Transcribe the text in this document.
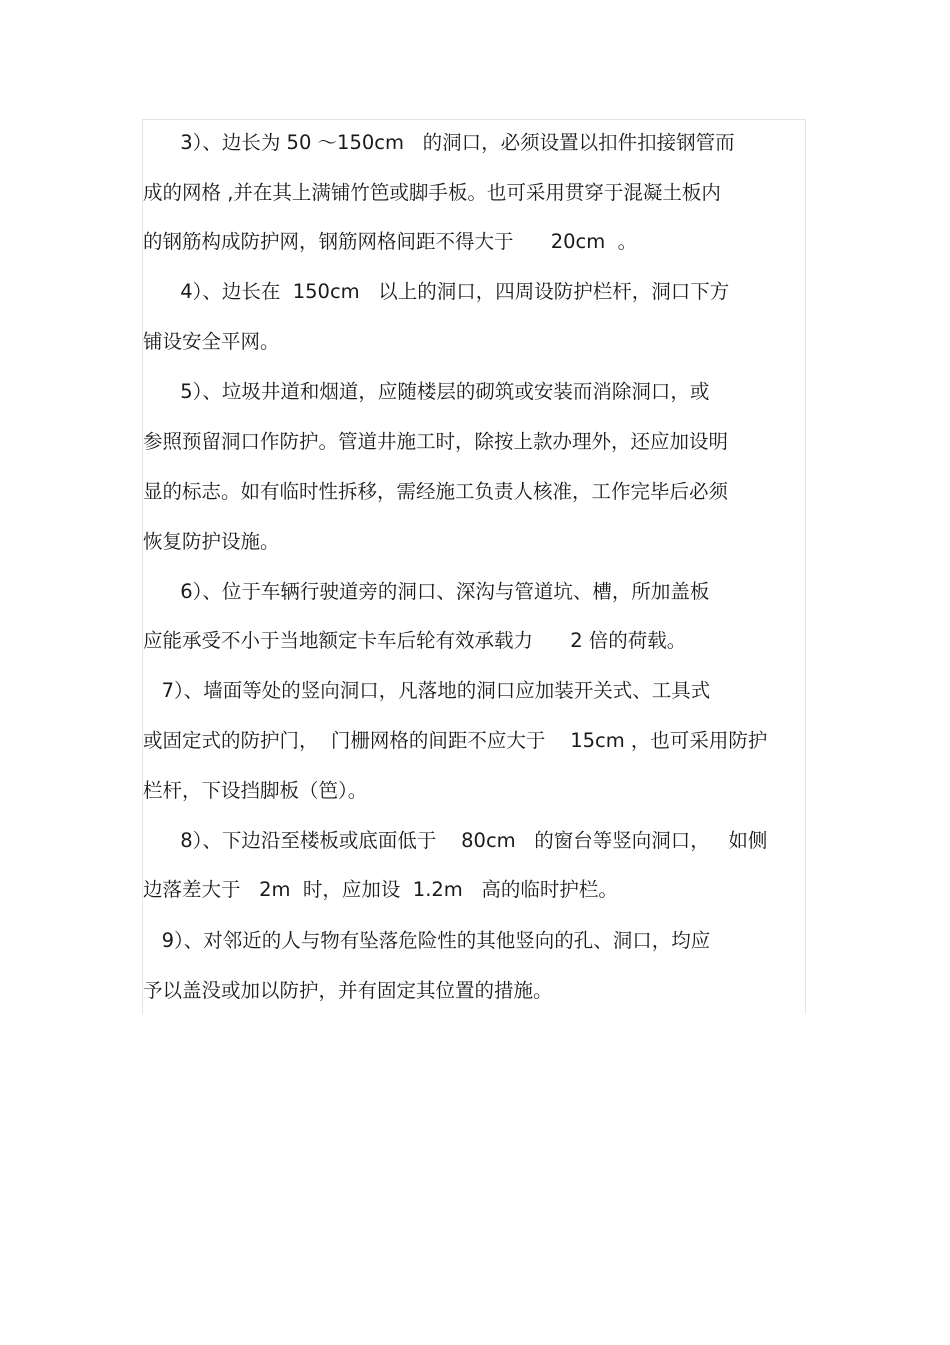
3）、边长为 50 ～150cm   的洞口，必须设置以扣件扣接钢管而
成的网格 ,并在其上满铺竹笆或脚手板。也可采用贯穿于混凝土板内
的钢筋构成防护网，钢筋网格间距不得大于      20cm  。
4）、边长在  150cm   以上的洞口，四周设防护栏杆，洞口下方
铺设安全平网。
5）、垃圾井道和烟道，应随楼层的砌筑或安装而消除洞口，或
参照预留洞口作防护。管道井施工时，除按上款办理外，还应加设明
显的标志。如有临时性拆移，需经施工负责人核准，工作完毕后必须
恢复防护设施。
6）、位于车辆行驶道旁的洞口、深沟与管道坑、槽，所加盖板
应能承受不小于当地额定卡车后轮有效承载力      2 倍的荷载。
7）、墙面等处的竖向洞口，凡落地的洞口应加装开关式、工具式
或固定式的防护门，  门栅网格的间距不应大于    15cm ，也可采用防护
栏杆，下设挡脚板（笆）。
8）、下边沿至楼板或底面低于    80cm   的窗台等竖向洞口，   如侧
边落差大于   2m  时，应加设  1.2m   高的临时护栏。
9）、对邻近的人与物有坠落危险性的其他竖向的孔、洞口，均应
予以盖没或加以防护，并有固定其位置的措施。
